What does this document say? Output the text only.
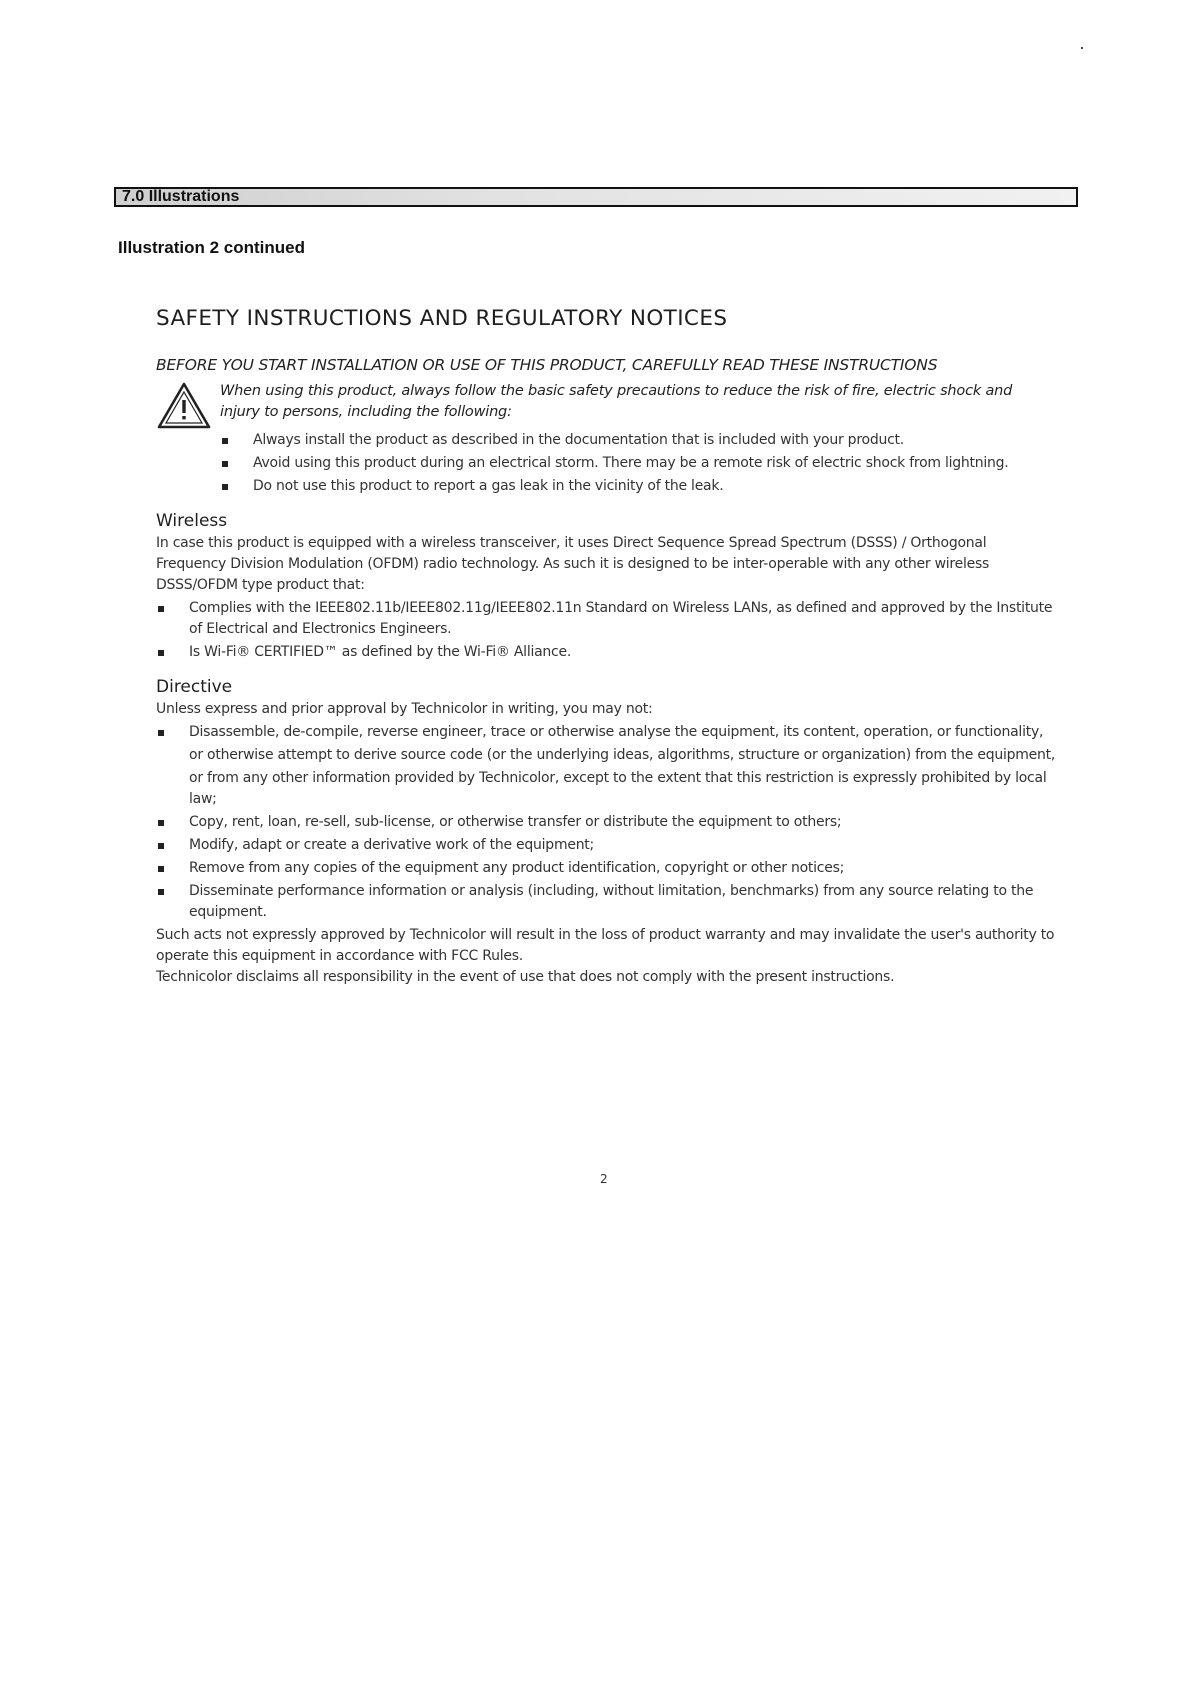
7.0 Illustrations
Illustration 2 continued
SAFETY INSTRUCTIONS AND REGULATORY NOTICES
BEFORE YOU START INSTALLATION OR USE OF THIS PRODUCT, CAREFULLY READ THESE INSTRUCTIONS
When using this product, always follow the basic safety precautions to reduce the risk of fire, electric shock and injury to persons, including the following:
Always install the product as described in the documentation that is included with your product.
Avoid using this product during an electrical storm. There may be a remote risk of electric shock from lightning.
Do not use this product to report a gas leak in the vicinity of the leak.
Wireless

In case this product is equipped with a wireless transceiver, it uses Direct Sequence Spread Spectrum (DSSS) / Orthogonal Frequency Division Modulation (OFDM) radio technology. As such it is designed to be inter-operable with any other wireless DSSS/OFDM type product that:

Complies with the IEEE802.11b/IEEE802.11g/IEEE802.11n Standard on Wireless LANs, as defined and approved by the Institute of Electrical and Electronics Engineers.
Is Wi-Fi® CERTIFIED™ as defined by the Wi-Fi® Alliance.
Directive

Unless express and prior approval by Technicolor in writing, you may not:

Disassemble, de-compile, reverse engineer, trace or otherwise analyse the equipment, its content, operation, or functionality,
or otherwise attempt to derive source code (or the underlying ideas, algorithms, structure or organization) from the equipment,
or from any other information provided by Technicolor, except to the extent that this restriction is expressly prohibited by local law;
Copy, rent, loan, re-sell, sub-license, or otherwise transfer or distribute the equipment to others;
Modify, adapt or create a derivative work of the equipment;
Remove from any copies of the equipment any product identification, copyright or other notices;
Disseminate performance information or analysis (including, without limitation, benchmarks) from any source relating to the equipment.

Such acts not expressly approved by Technicolor will result in the loss of product warranty and may invalidate the user's authority to operate this equipment in accordance with FCC Rules.

Technicolor disclaims all responsibility in the event of use that does not comply with the present instructions.

2
